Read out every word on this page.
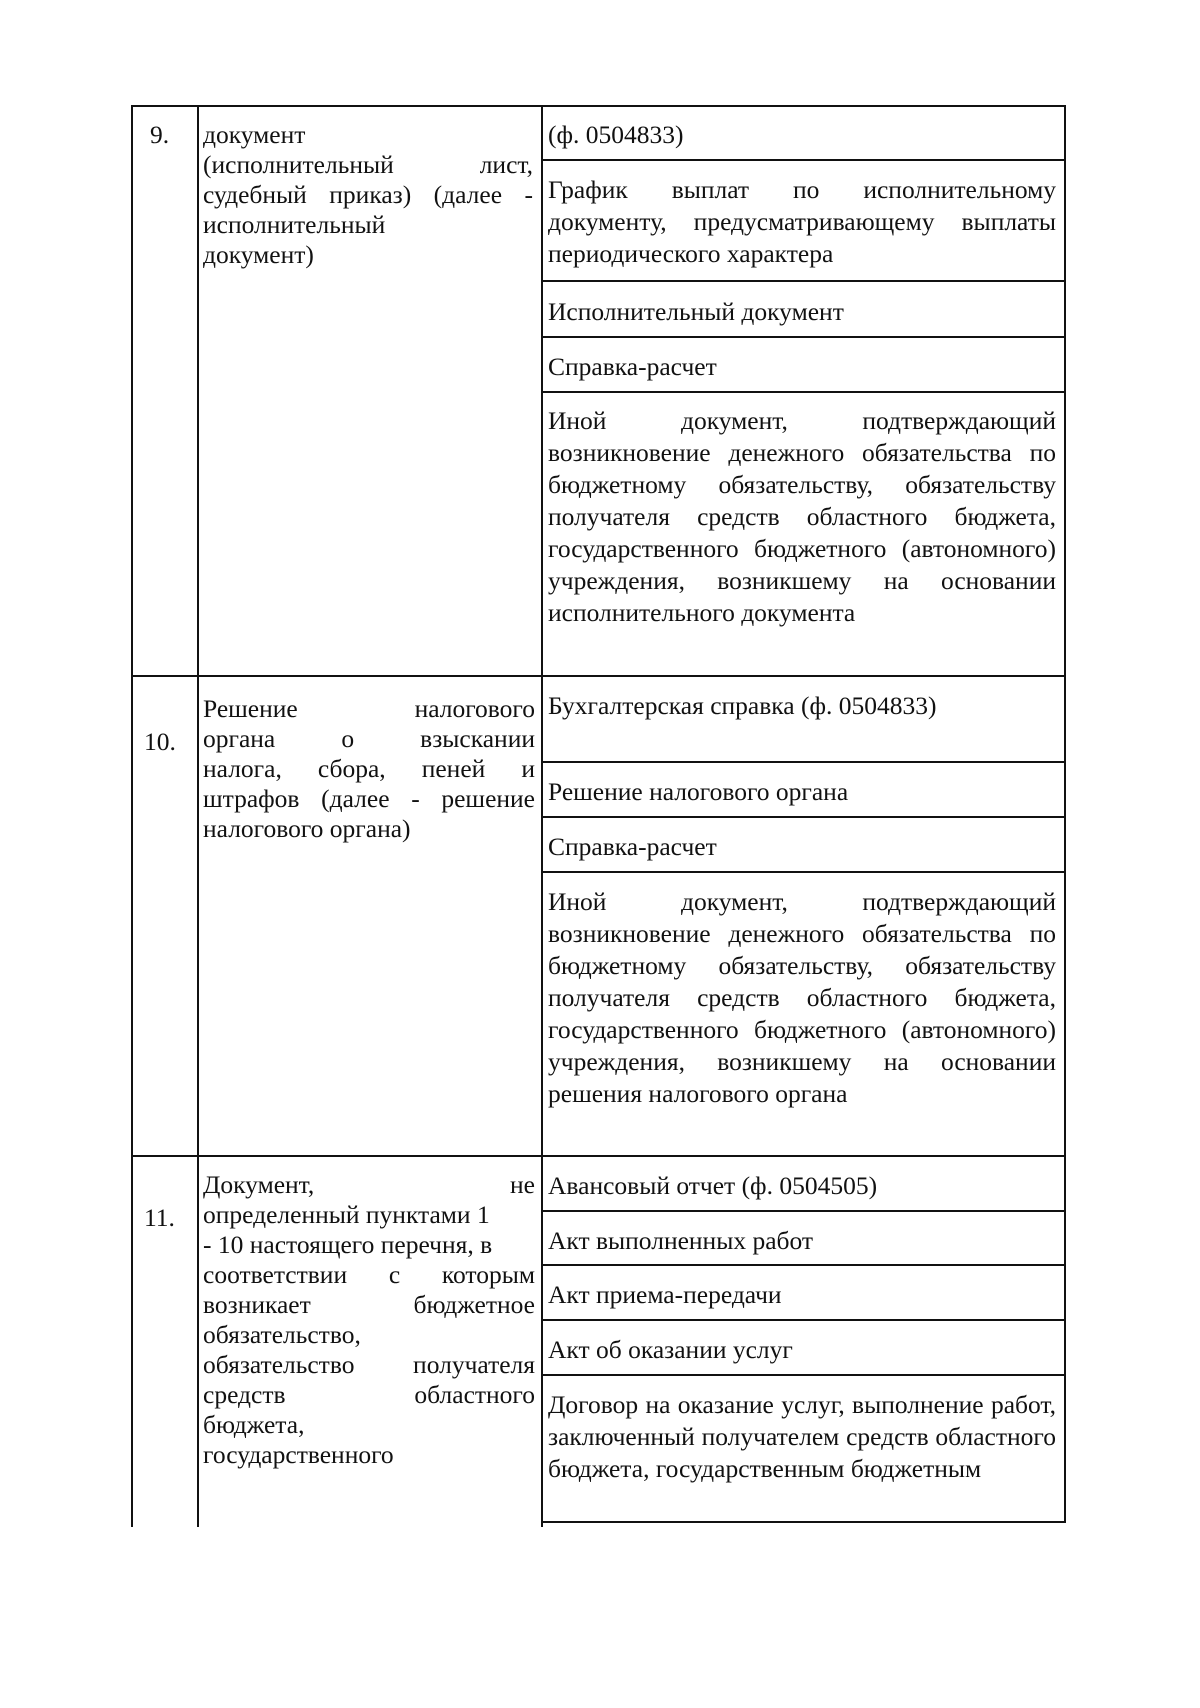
9. документ
(исполнительный лист,
судебный приказ) (далее -
исполнительный
документ)
(ф. 0504833)
График выплат по исполнительному документу, предусматривающему выплаты периодического характера
Исполнительный документ
Справка-расчет
Иной документ, подтверждающий возникновение денежного обязательства по бюджетному обязательству, обязательству получателя средств областного бюджета, государственного бюджетного (автономного) учреждения, возникшему на основании исполнительного документа
10.
Решение налогового
органа о взыскании
налога, сбора, пеней и
штрафов (далее - решение
налогового органа)
Бухгалтерская справка (ф. 0504833)
Решение налогового органа
Справка-расчет
Иной документ, подтверждающий возникновение денежного обязательства по бюджетному обязательству, обязательству получателя средств областного бюджета, государственного бюджетного (автономного) учреждения, возникшему на основании решения налогового органа
11.
Документ, не
определенный пунктами 1
- 10 настоящего перечня, в
соответствии с которым
возникает бюджетное
обязательство,
обязательство получателя
средств областного
бюджета,
государственного
Авансовый отчет (ф. 0504505)
Акт выполненных работ
Акт приема-передачи
Акт об оказании услуг
Договор на оказание услуг, выполнение работ, заключенный получателем средств областного бюджета, государственным бюджетным
